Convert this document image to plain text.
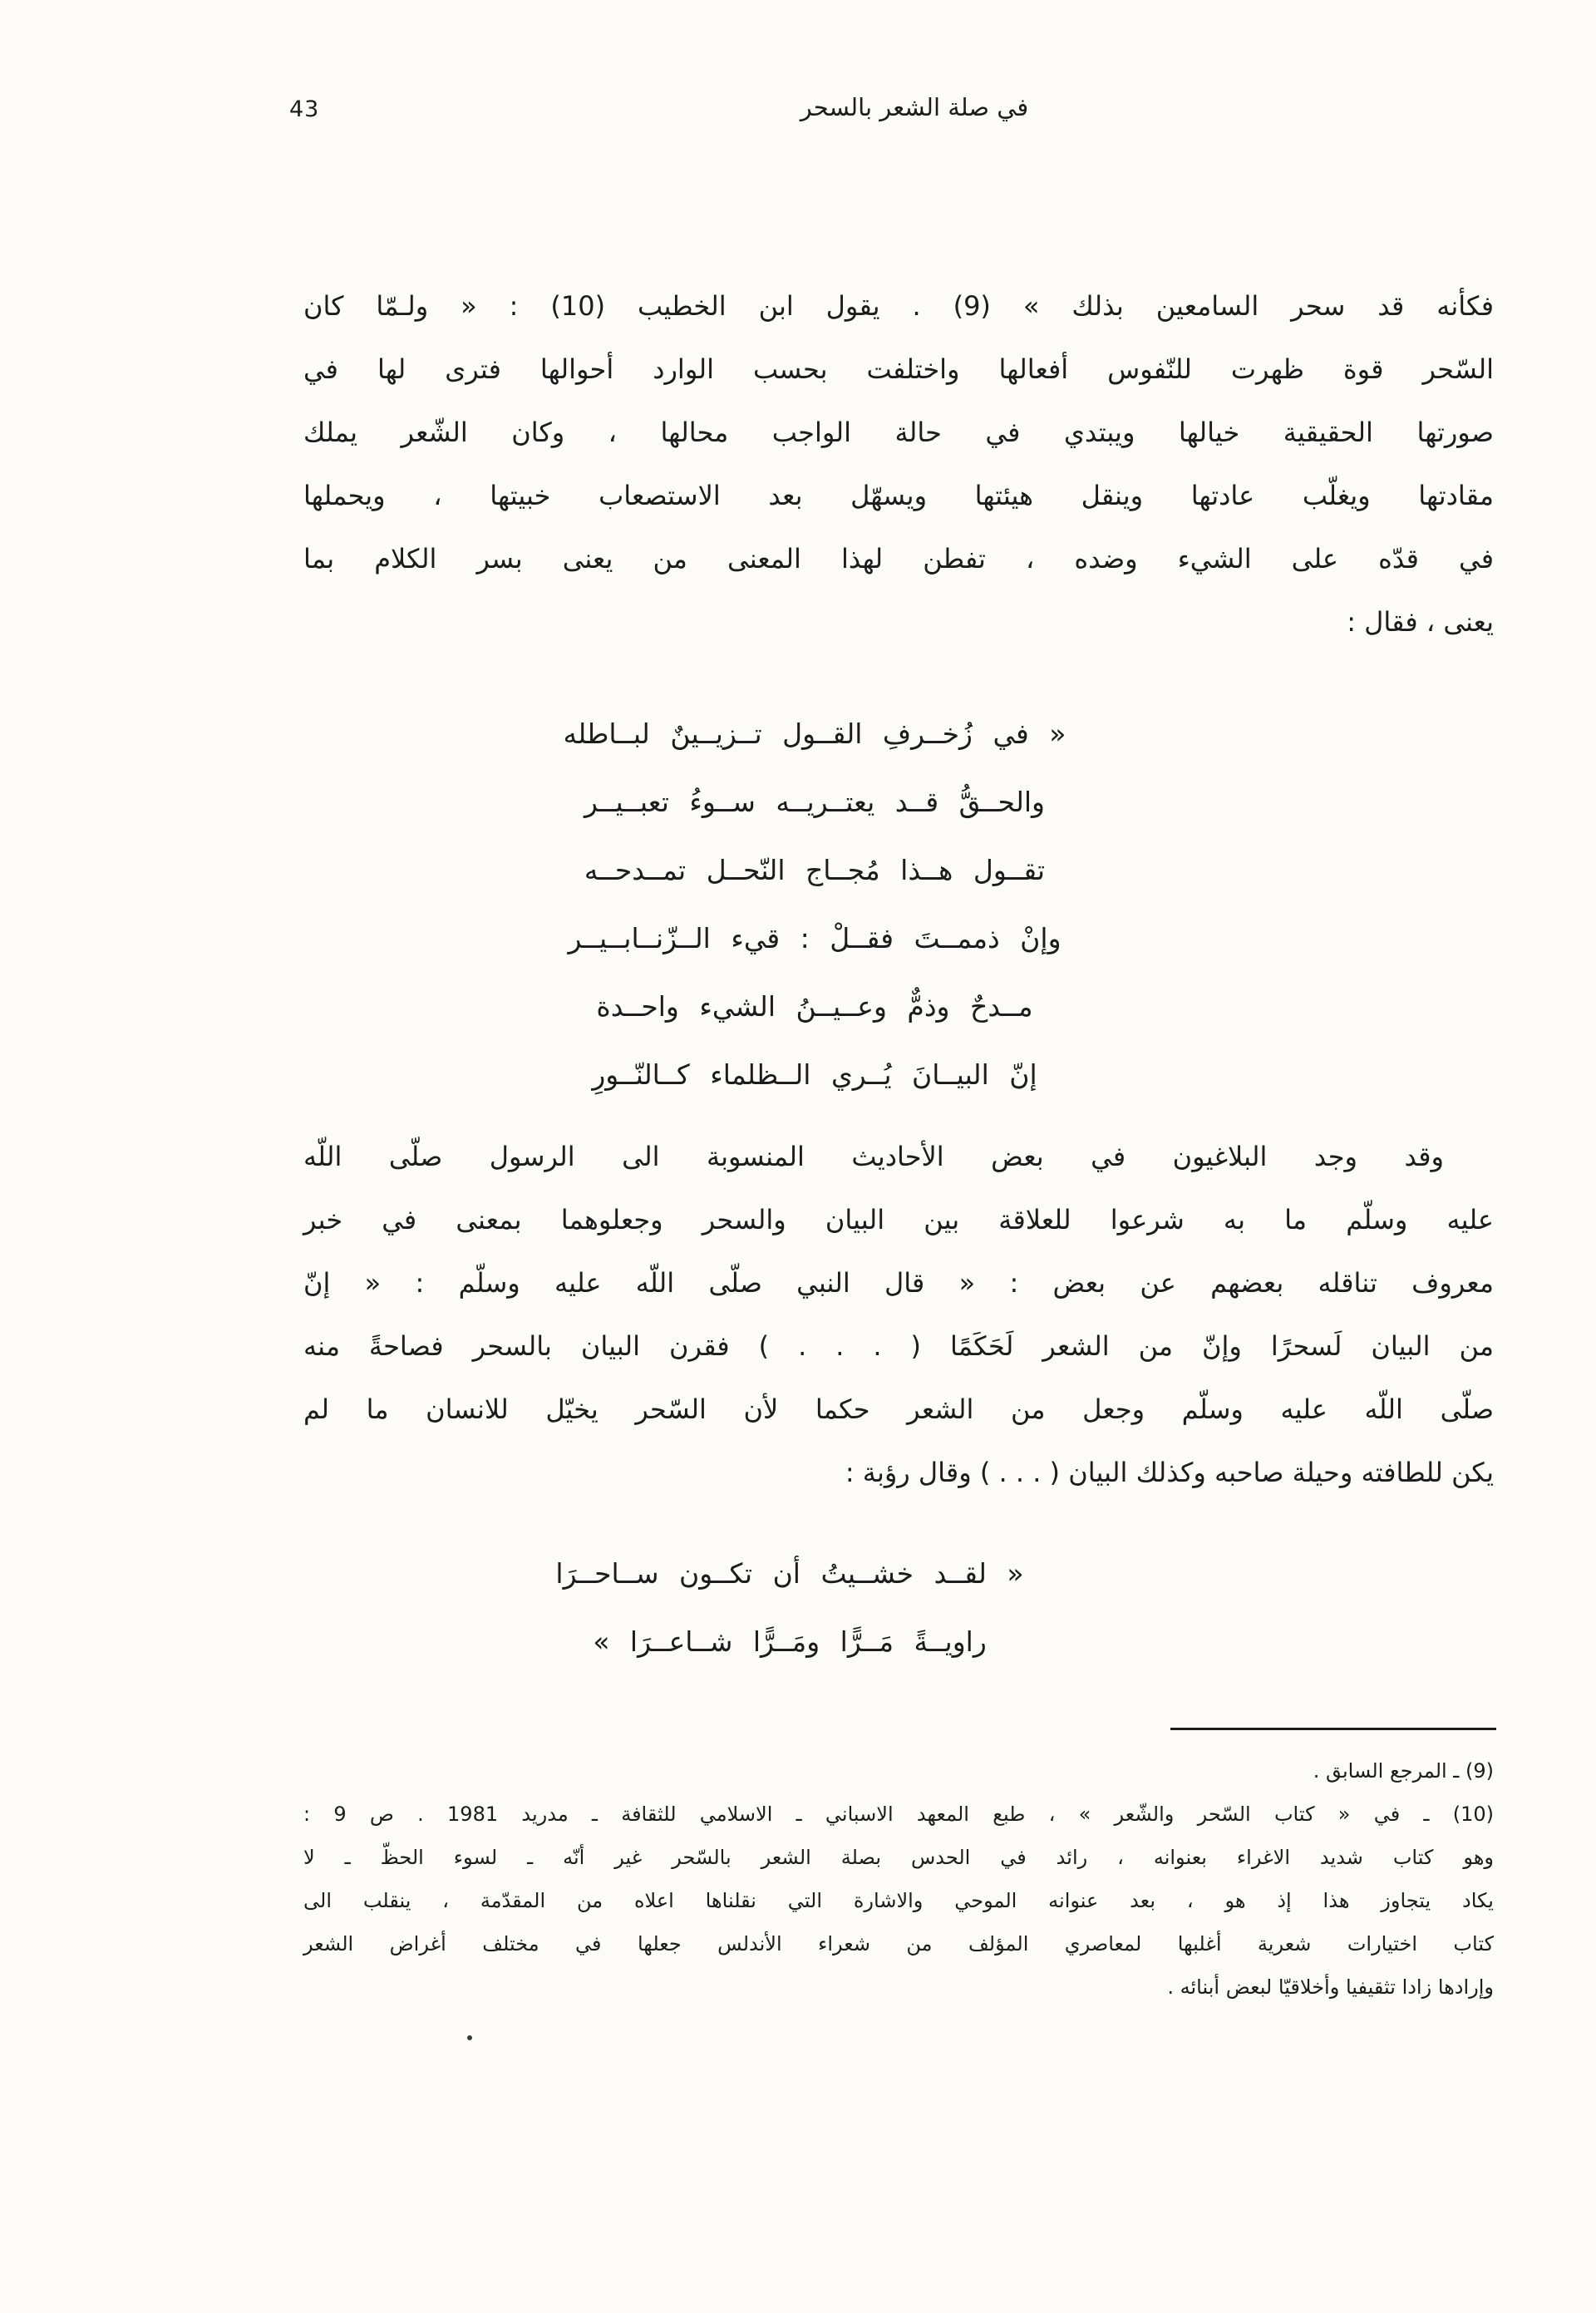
43	في صلة الشعر بالسحر
فكأنه قد سحر السامعين بذلك » (9) . يقول ابن الخطيب (10) : « ولـمّا كان
السّحر قوة ظهرت للنّفوس أفعالها واختلفت بحسب الوارد أحوالها فترى لها في
صورتها الحقيقية خيالها ويبتدي في حالة الواجب محالها ، وكان الشّعر يملك
مقادتها ويغلّب عادتها وينقل هيئتها ويسهّل بعد الاستصعاب خبيتها ، ويحملها
في قدّه على الشيء وضده ، تفطن لهذا المعنى من يعنى بسر الكلام بما
يعنى ، فقال :
« في زُخــرفِ القــول تــزيــينٌ لبــاطله
والحــقُّ قــد يعتــريــه ســوءُ تعبــيــر
تقــول هــذا مُجــاج النّحــل تمــدحــه
وإنْ ذممــتَ فقــلْ : قيء الــزّنــابــيــر
مــدحٌ وذمٌّ وعــيــنُ الشيء واحــدة
إنّ البيــانَ يُــري الــظلماء كــالنّــورِ
وقد وجد البلاغيون في بعض الأحاديث المنسوبة الى الرسول صلّى اللّه
عليه وسلّم ما به شرعوا للعلاقة بين البيان والسحر وجعلوهما بمعنى في خبر
معروف تناقله بعضهم عن بعض : « قال النبي صلّى اللّه عليه وسلّم : « إنّ
من البيان لَسحرًا وإنّ من الشعر لَحَكَمًا ( . . . ) فقرن البيان بالسحر فصاحةً منه
صلّى اللّه عليه وسلّم وجعل من الشعر حكما لأن السّحر يخيّل للانسان ما لم
يكن للطافته وحيلة صاحبه وكذلك البيان ( . . . ) وقال رؤبة :
« لقــد خشــيتُ أن تكــون ســاحــرَا
راويــةً مَــرًّا ومَــرًّا شــاعــرَا »
(9) ـ المرجع السابق .
(10) ـ في « كتاب السّحر والشّعر » ، طبع المعهد الاسباني ـ الاسلامي للثقافة ـ مدريد 1981 . ص 9 :
وهو كتاب شديد الاغراء بعنوانه ، رائد في الحدس بصلة الشعر بالسّحر غير أنّه ـ لسوء الحظّ ـ لا
يكاد يتجاوز هذا إذ هو ، بعد عنوانه الموحي والاشارة التي نقلناها اعلاه من المقدّمة ، ينقلب الى
كتاب اختيارات شعرية أغلبها لمعاصري المؤلف من شعراء الأندلس جعلها في مختلف أغراض الشعر
وإرادها زادا تثقيفيا وأخلاقيّا لبعض أبنائه .
